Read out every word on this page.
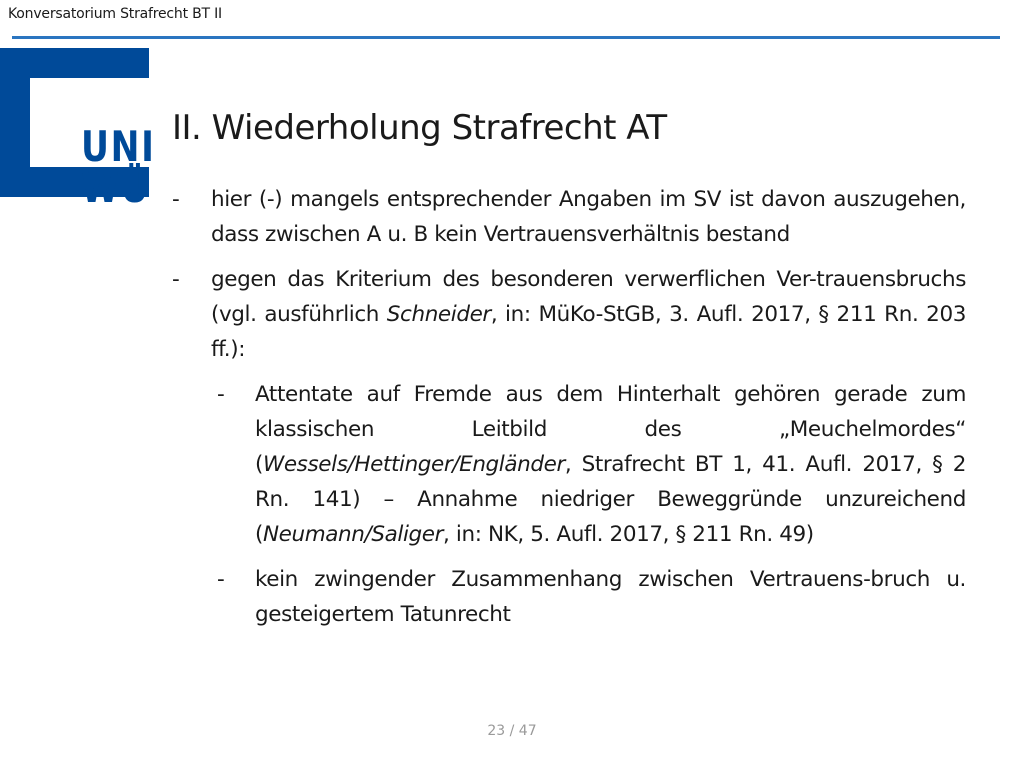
Konversatorium Strafrecht BT II
UNI
WÜ
II. Wiederholung Strafrecht AT
- hier (-) mangels entsprechender Angaben im SV ist davon auszugehen, dass zwischen A u. B kein Vertrauensverhältnis bestand
- gegen das Kriterium des besonderen verwerflichen Ver-trauensbruchs (vgl. ausführlich Schneider, in: MüKo-StGB, 3. Aufl. 2017, § 211 Rn. 203 ff.):
- Attentate auf Fremde aus dem Hinterhalt gehören gerade zum klassischen Leitbild des „Meuchelmordes“ (Wessels/Hettinger/Engländer, Strafrecht BT 1, 41. Aufl. 2017, § 2 Rn. 141) – Annahme niedriger Beweggründe unzureichend (Neumann/Saliger, in: NK, 5. Aufl. 2017, § 211 Rn. 49)
- kein zwingender Zusammenhang zwischen Vertrauens-bruch u. gesteigertem Tatunrecht
23 / 47
